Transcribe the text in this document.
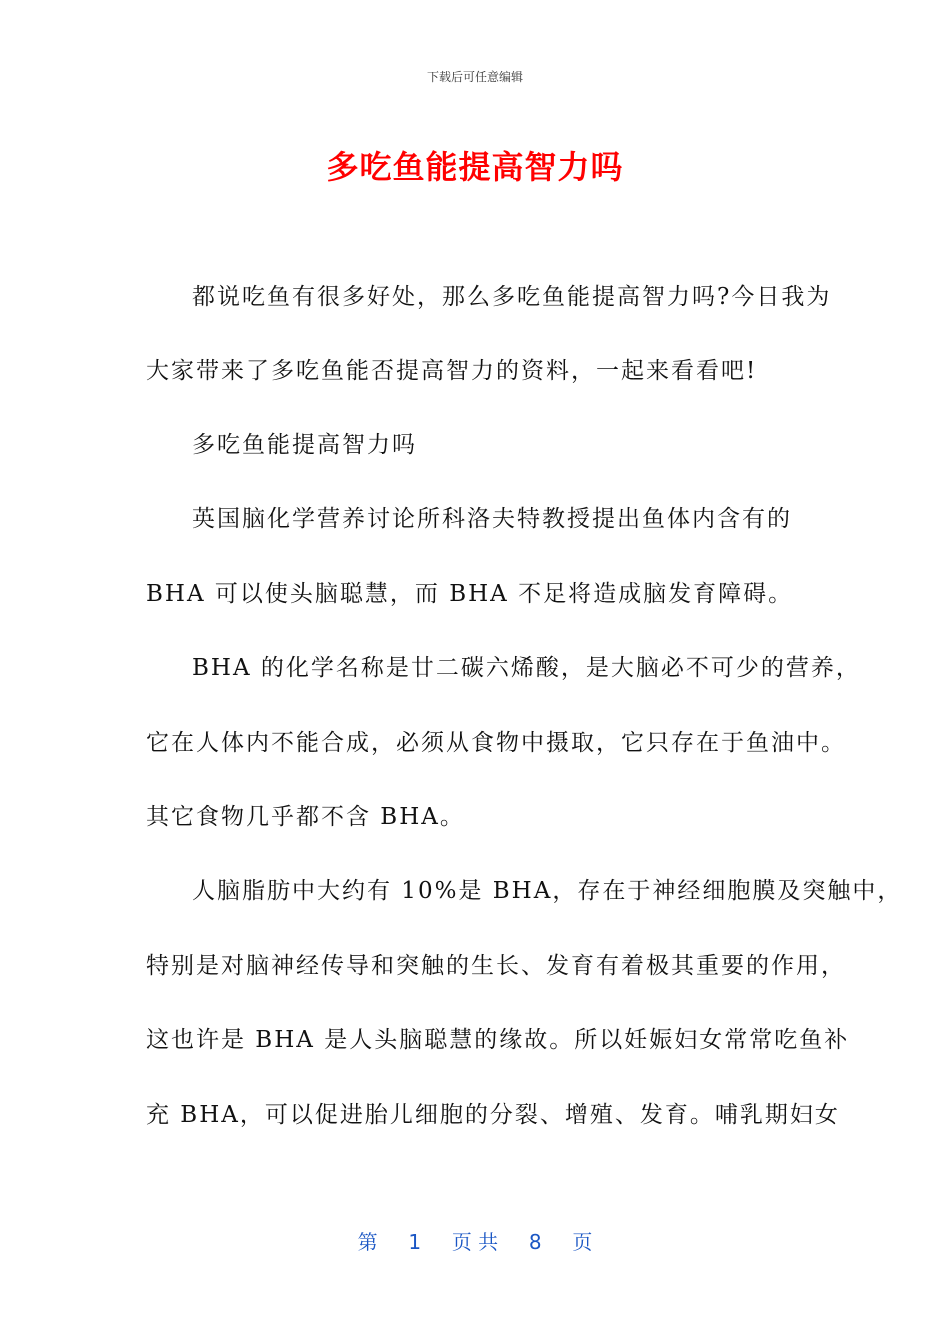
下载后可任意编辑
多吃鱼能提高智力吗
都说吃鱼有很多好处，那么多吃鱼能提高智力吗?今日我为
大家带来了多吃鱼能否提高智力的资料，一起来看看吧!
多吃鱼能提高智力吗
英国脑化学营养讨论所科洛夫特教授提出鱼体内含有的
BHA 可以使头脑聪慧，而 BHA 不足将造成脑发育障碍。
BHA 的化学名称是廿二碳六烯酸，是大脑必不可少的营养，
它在人体内不能合成，必须从食物中摄取，它只存在于鱼油中。
其它食物几乎都不含 BHA。
人脑脂肪中大约有 10%是 BHA，存在于神经细胞膜及突触中，
特别是对脑神经传导和突触的生长、发育有着极其重要的作用，
这也许是 BHA 是人头脑聪慧的缘故。所以妊娠妇女常常吃鱼补
充 BHA，可以促进胎儿细胞的分裂、增殖、发育。哺乳期妇女
第 1 页 共 8 页
